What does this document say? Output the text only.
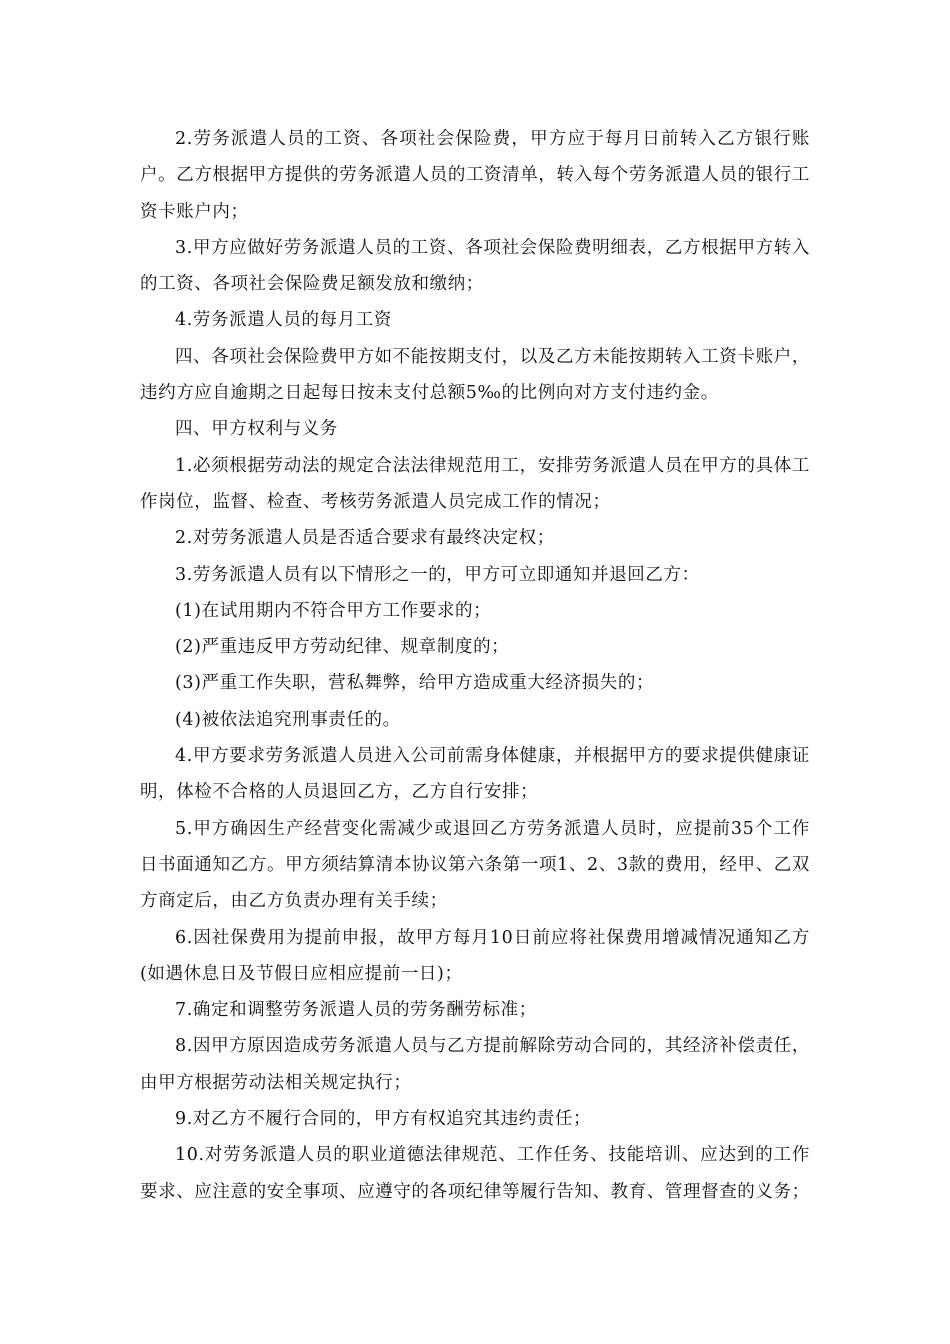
2.劳务派遣人员的工资、各项社会保险费，甲方应于每月日前转入乙方银行账户。乙方根据甲方提供的劳务派遣人员的工资清单，转入每个劳务派遣人员的银行工资卡账户内；

3.甲方应做好劳务派遣人员的工资、各项社会保险费明细表，乙方根据甲方转入的工资、各项社会保险费足额发放和缴纳；

4.劳务派遣人员的每月工资

四、各项社会保险费甲方如不能按期支付，以及乙方未能按期转入工资卡账户，违约方应自逾期之日起每日按未支付总额5‰的比例向对方支付违约金。

四、甲方权利与义务

1.必须根据劳动法的规定合法法律规范用工，安排劳务派遣人员在甲方的具体工作岗位，监督、检查、考核劳务派遣人员完成工作的情况；

2.对劳务派遣人员是否适合要求有最终决定权；

3.劳务派遣人员有以下情形之一的，甲方可立即通知并退回乙方：

(1)在试用期内不符合甲方工作要求的；

(2)严重违反甲方劳动纪律、规章制度的；

(3)严重工作失职，营私舞弊，给甲方造成重大经济损失的；

(4)被依法追究刑事责任的。

4.甲方要求劳务派遣人员进入公司前需身体健康，并根据甲方的要求提供健康证明，体检不合格的人员退回乙方，乙方自行安排；

5.甲方确因生产经营变化需减少或退回乙方劳务派遣人员时，应提前35个工作日书面通知乙方。甲方须结算清本协议第六条第一项1、2、3款的费用，经甲、乙双方商定后，由乙方负责办理有关手续；

6.因社保费用为提前申报，故甲方每月10日前应将社保费用增减情况通知乙方(如遇休息日及节假日应相应提前一日)；

7.确定和调整劳务派遣人员的劳务酬劳标准；

8.因甲方原因造成劳务派遣人员与乙方提前解除劳动合同的，其经济补偿责任，由甲方根据劳动法相关规定执行；

9.对乙方不履行合同的，甲方有权追究其违约责任；

10.对劳务派遣人员的职业道德法律规范、工作任务、技能培训、应达到的工作要求、应注意的安全事项、应遵守的各项纪律等履行告知、教育、管理督查的义务；
